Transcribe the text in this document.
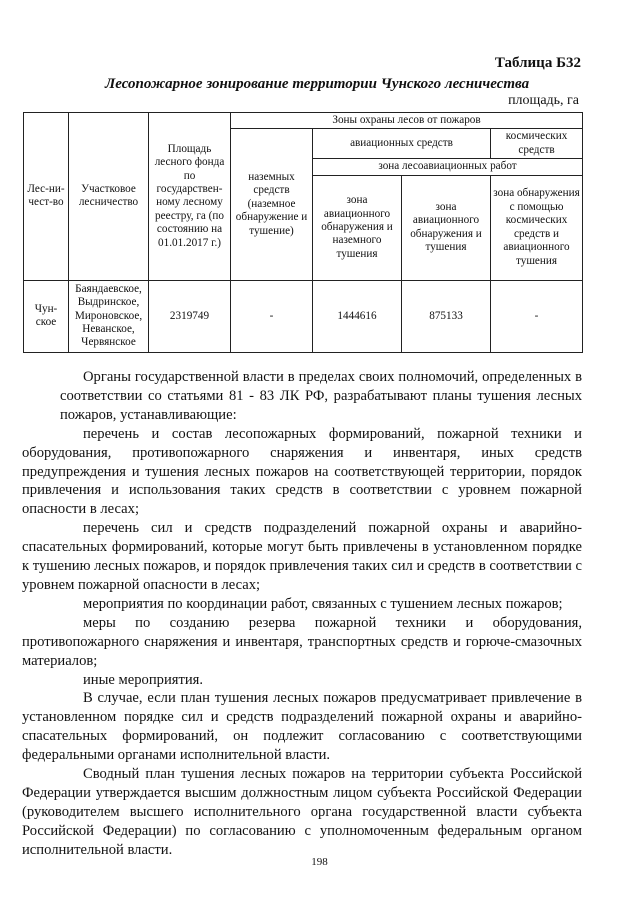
Таблица Б32
Лесопожарное зонирование территории Чунского лесничества
площадь, га
Лес-ни-чест-во	Участковое лесничество	Площадь лесного фонда по государствен-ному лесному реестру, га (по состоянию на 01.01.2017 г.)	Зоны охраны лесов от пожаров			
			наземных средств (наземное обнаружение и тушение)	авиационных средств		космических средств
				зона лесоавиационных работ		
				зона авиационного обнаружения и наземного тушения	зона авиационного обнаружения и тушения	зона обнаружения с помощью космических средств и авиационного тушения
Чун-ское	Баяндаевское, Выдринское, Мироновское, Неванское, Червянское	2319749	-	1444616	875133	-

Органы государственной власти в пределах своих полномочий, определенных в соответствии со статьями 81 - 83 ЛК РФ, разрабатывают планы тушения лесных пожаров, устанавливающие:

перечень и состав лесопожарных формирований, пожарной техники и оборудования, противопожарного снаряжения и инвентаря, иных средств предупреждения и тушения лесных пожаров на соответствующей территории, порядок привлечения и использования таких средств в соответствии с уровнем пожарной опасности в лесах;

перечень сил и средств подразделений пожарной охраны и аварийно-спасательных формирований, которые могут быть привлечены в установленном порядке к тушению лесных пожаров, и порядок привлечения таких сил и средств в соответствии с уровнем пожарной опасности в лесах;

мероприятия по координации работ, связанных с тушением лесных пожаров;

меры по созданию резерва пожарной техники и оборудования, противопожарного снаряжения и инвентаря, транспортных средств и горюче-смазочных материалов;

иные мероприятия.

В случае, если план тушения лесных пожаров предусматривает привлечение в установленном порядке сил и средств подразделений пожарной охраны и аварийно-спасательных формирований, он подлежит согласованию с соответствующими федеральными органами исполнительной власти.

Сводный план тушения лесных пожаров на территории субъекта Российской Федерации утверждается высшим должностным лицом субъекта Российской Федерации (руководителем высшего исполнительного органа государственной власти субъекта Российской Федерации) по согласованию с уполномоченным федеральным органом исполнительной власти.

198
